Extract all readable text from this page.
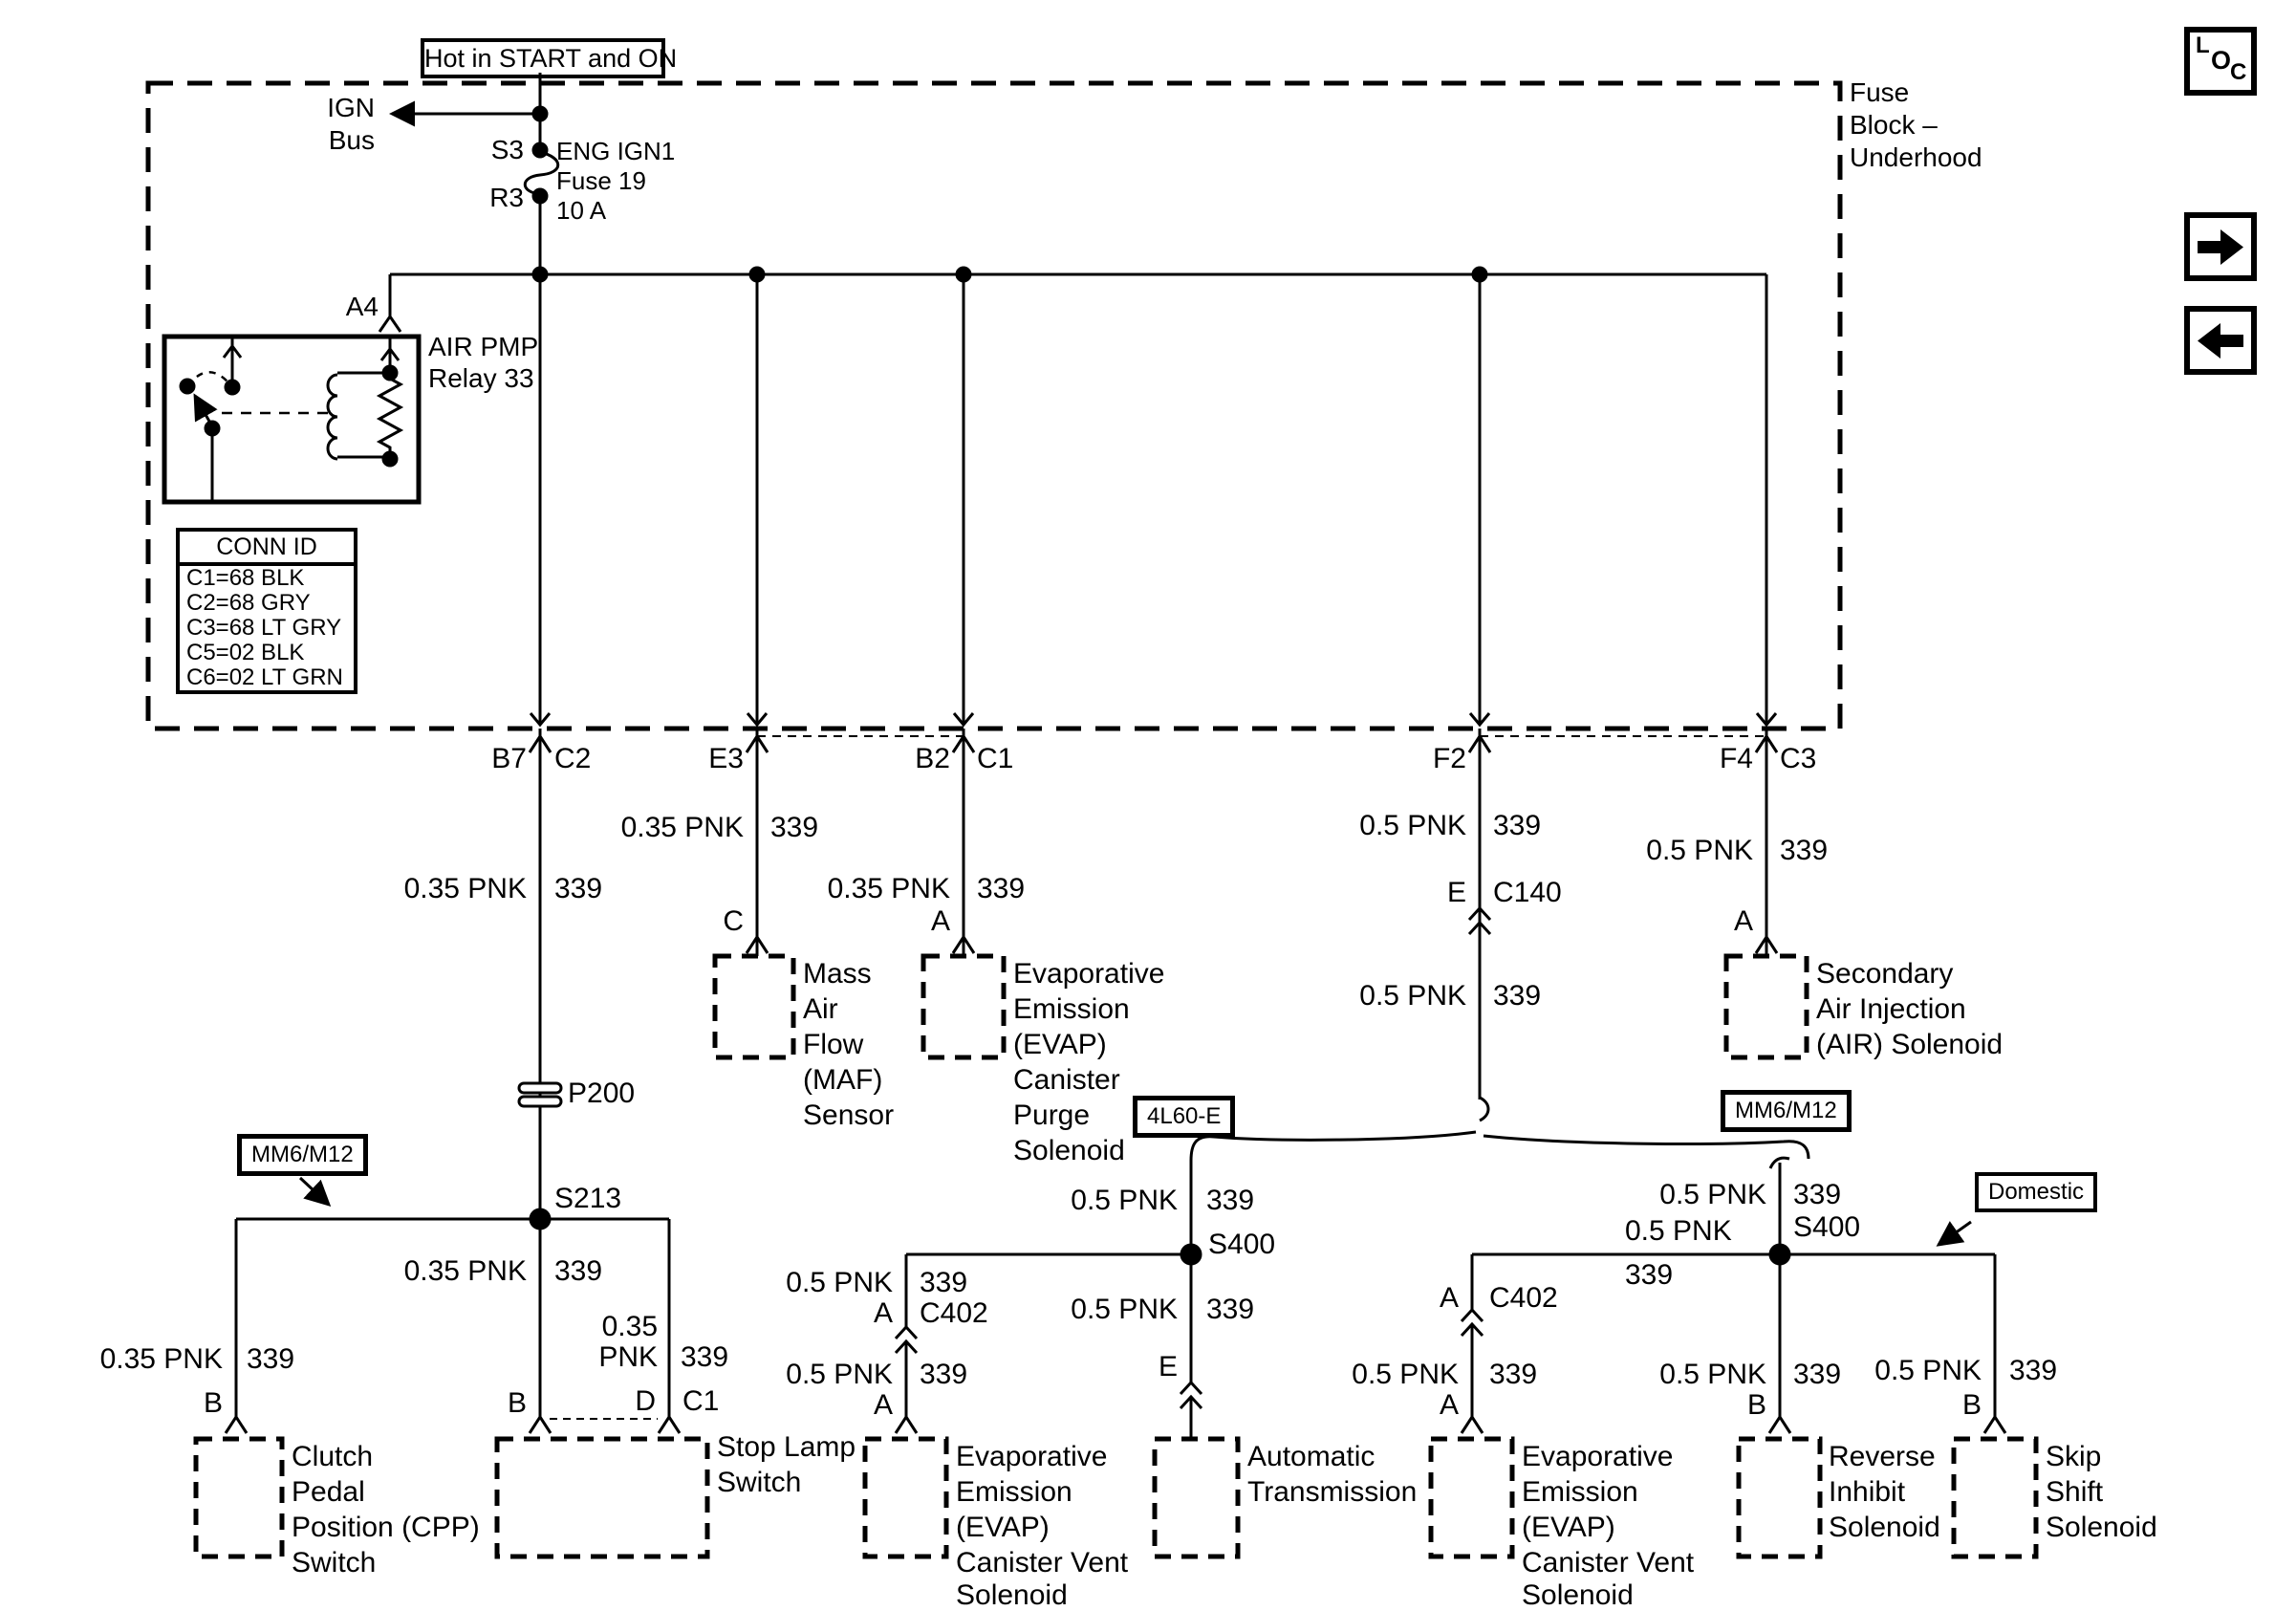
Hot in START and ON
IGN
Bus	S3
R3
ENG IGN1
Fuse 19
10 A
A4
AIR PMP
Relay 33
Fuse
Block –
Underhood
CONN ID
C1=68 BLK
C2=68 GRY
C3=68 LT GRY
C5=02 BLK
C6=02 LT GRN
B7 C2	E3	B2 C1	F2	F4 C3
0.35 PNK 339
0.35 PNK 339
0.35 PNK 339
0.5 PNK 339
0.5 PNK 339
E C140
0.5 PNK 339
C	A	A
P200
S213
0.35 PNK 339
0.35 PNK 339
B
Clutch
Pedal
Position (CPP)
Switch
B
0.35
PNK 339
D C1
Stop Lamp
Switch
Mass
Air
Flow
(MAF)
Sensor
Evaporative
Emission
(EVAP)
Canister
Purge
Solenoid
Secondary
Air Injection
(AIR) Solenoid
0.5 PNK 339
S400
0.5 PNK 339
E
Automatic
Transmission
0.5 PNK 339
A C402
0.5 PNK 339
A
Evaporative
Emission
(EVAP)
Canister Vent
Solenoid
0.5 PNK 339
S400
0.5 PNK
339
A C402
0.5 PNK 339
A
Evaporative
Emission
(EVAP)
Canister Vent
Solenoid
0.5 PNK 339
B
Reverse
Inhibit
Solenoid
0.5 PNK 339
B
Skip
Shift
Solenoid
MM6/M12
4L60-E	MM6/M12
Domestic
L
O
C
